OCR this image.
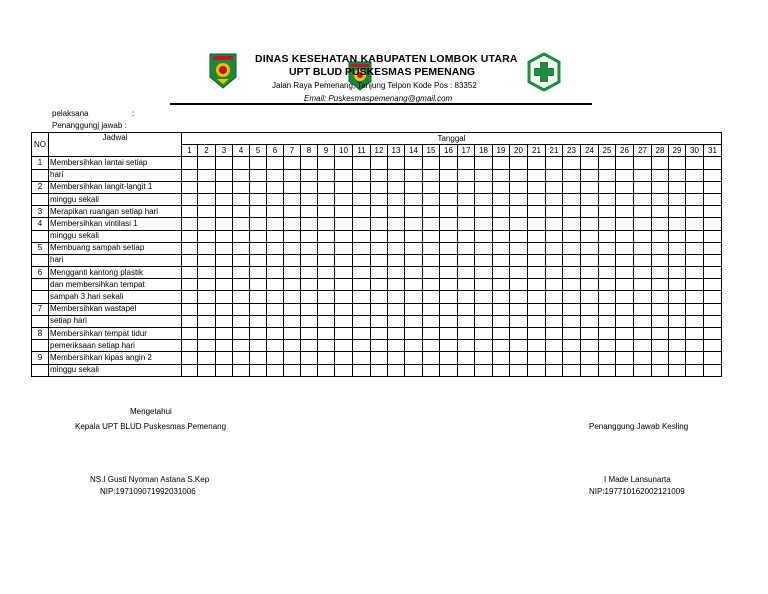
DINAS KESEHATAN KABUPATEN LOMBOK UTARA
UPT BLUD PUSKESMAS PEMENANG
Jalan Raya Pemenang, Tanjung Telpon Kode Pos : 83352
Email: Puskesmaspemenang@gmail.com
pelaksana	:
Penanggungj jawab :
NO	Jadwal	Tanggal																														
		1	2	3	4	5	6	7	8	9	10	11	12	13	14	15	16	17	18	19	20	21	21	23	24	25	26	27	28	29	30	31
1	Membersihkan lantai setiap																															
	hari																															
2	Membersihkan langit-langit 1																															
	minggu sekali																															
3	Merapikan ruangan setiap hari																															
4	Membersihkan vintilasi 1																															
	minggu sekali																															
5	Membuang sampah setiap																															
	hari																															
6	Mengganti kantong plastik																															
	dan membersihkan tempat																															
	sampah 3 hari sekali																															
7	Membersihkan wastapel																															
	setiap hari																															
8	Membersihkan tempat tidur																															
	pemeriksaan setiap hari																															
9	Membersihkan kipas angin 2																															
	minggu sekali																															
Mengetahui
Kepala UPT BLUD Puskesmas Pemenang	Penanggung Jawab Kesling
NS.I Gusti Nyoman Astana S.Kep
NIP:197109071992031006
I Made Lansunarta
NIP:197710162002121009
